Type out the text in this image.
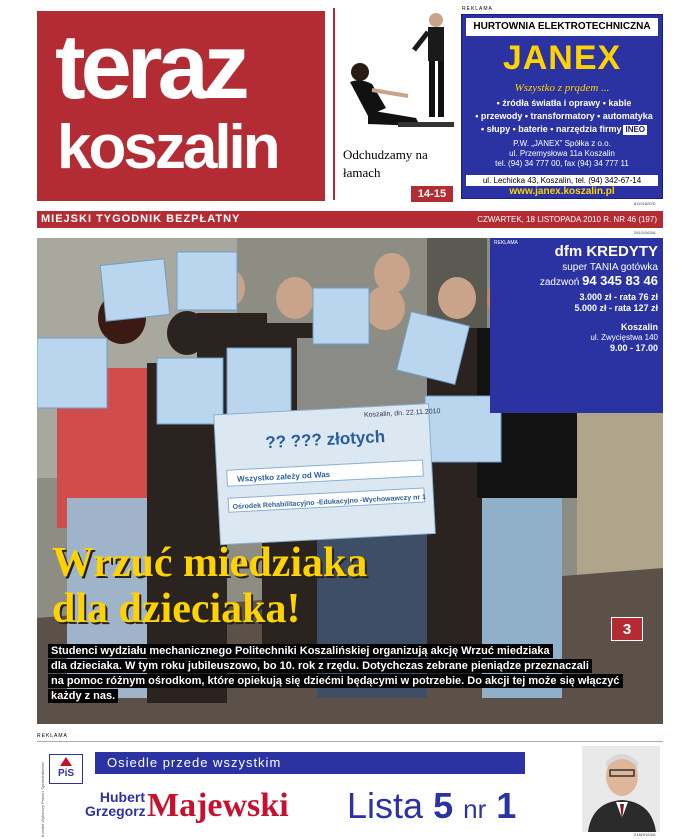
teraz
koszalin	Odchudzamy na łamach
14-15
REKLAMA
HURTOWNIA ELEKTROTECHNICZNA
JANEX
Wszystko z prądem ...
• źródła światła i oprawy • kable
• przewody • transformatory • automatyka
• słupy • baterie • narzędzia firmy INEO
P.W. „JANEX” Spółka z o.o.
ul. Przemysłowa 11a Koszalin
tel. (94) 34 777 00, fax (94) 34 777 11
ul. Lechicka 43, Koszalin, tel. (94) 342-67-14
www.janex.koszalin.pl
81101820/D
MIEJSKI TYGODNIK BEZPŁATNY	CZWARTEK, 18 LISTOPADA 2010 R. NR 46 (197)
28101063/A
Koszalin, dn. 22.11.2010
?? ??? złotych
Wszystko zależy od Was
Ośrodek Rehabilitacyjno -Edukacyjno -Wychowawczy nr 1
REKLAMA	dfm KREDYTY
super TANIA gotówka
zadzwoń 94 345 83 46
3.000 zł - rata 76 zł
5.000 zł - rata 127 zł
Koszalin
ul. Zwycięstwa 140
9.00 - 17.00
Wrzuć miedziaka
dla dzieciaka!	3
Studenci wydziału mechanicznego Politechniki Koszalińskiej organizują akcję Wrzuć miedziaka
dla dzieciaka. W tym roku jubileuszowo, bo 10. rok z rzędu. Dotychczas zebrane pieniądze przeznaczali
na pomoc różnym ośrodkom, które opiekują się dziećmi będącymi w potrzebie. Do akcji tej może się włączyć
każdy z nas.
REKLAMA
PiS
Osiedle przede wszystkim
Hubert
Grzegorz Majewski Lista 5 nr 1
Komitet Wyborczy Prawo i Sprawiedliwość	21820163/A
